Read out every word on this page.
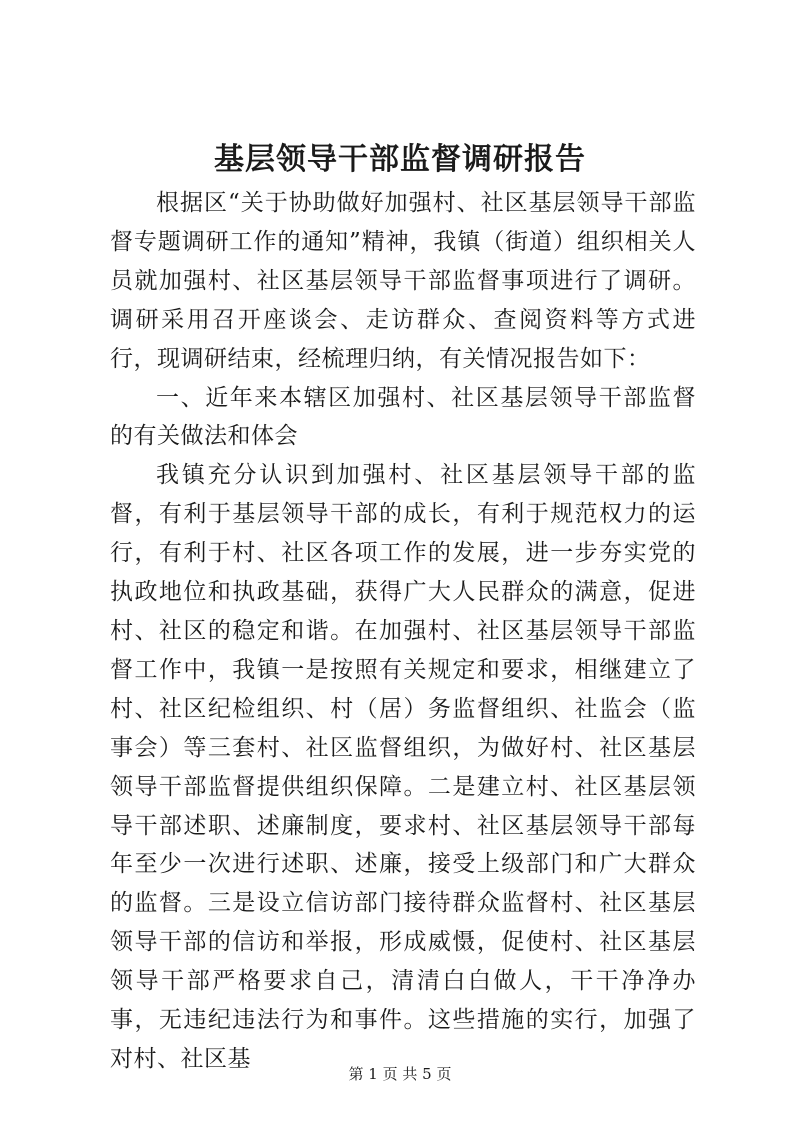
基层领导干部监督调研报告

根据区“关于协助做好加强村、社区基层领导干部监督专题调研工作的通知”精神，我镇（街道）组织相关人员就加强村、社区基层领导干部监督事项进行了调研。调研采用召开座谈会、走访群众、查阅资料等方式进行，现调研结束，经梳理归纳，有关情况报告如下：

一、近年来本辖区加强村、社区基层领导干部监督的有关做法和体会

我镇充分认识到加强村、社区基层领导干部的监督，有利于基层领导干部的成长，有利于规范权力的运行，有利于村、社区各项工作的发展，进一步夯实党的执政地位和执政基础，获得广大人民群众的满意，促进村、社区的稳定和谐。在加强村、社区基层领导干部监督工作中，我镇一是按照有关规定和要求，相继建立了村、社区纪检组织、村（居）务监督组织、社监会（监事会）等三套村、社区监督组织，为做好村、社区基层领导干部监督提供组织保障。二是建立村、社区基层领导干部述职、述廉制度，要求村、社区基层领导干部每年至少一次进行述职、述廉，接受上级部门和广大群众的监督。三是设立信访部门接待群众监督村、社区基层领导干部的信访和举报，形成威慑，促使村、社区基层领导干部严格要求自己，清清白白做人，干干净净办事，无违纪违法行为和事件。这些措施的实行，加强了对村、社区基

第 1 页 共 5 页
